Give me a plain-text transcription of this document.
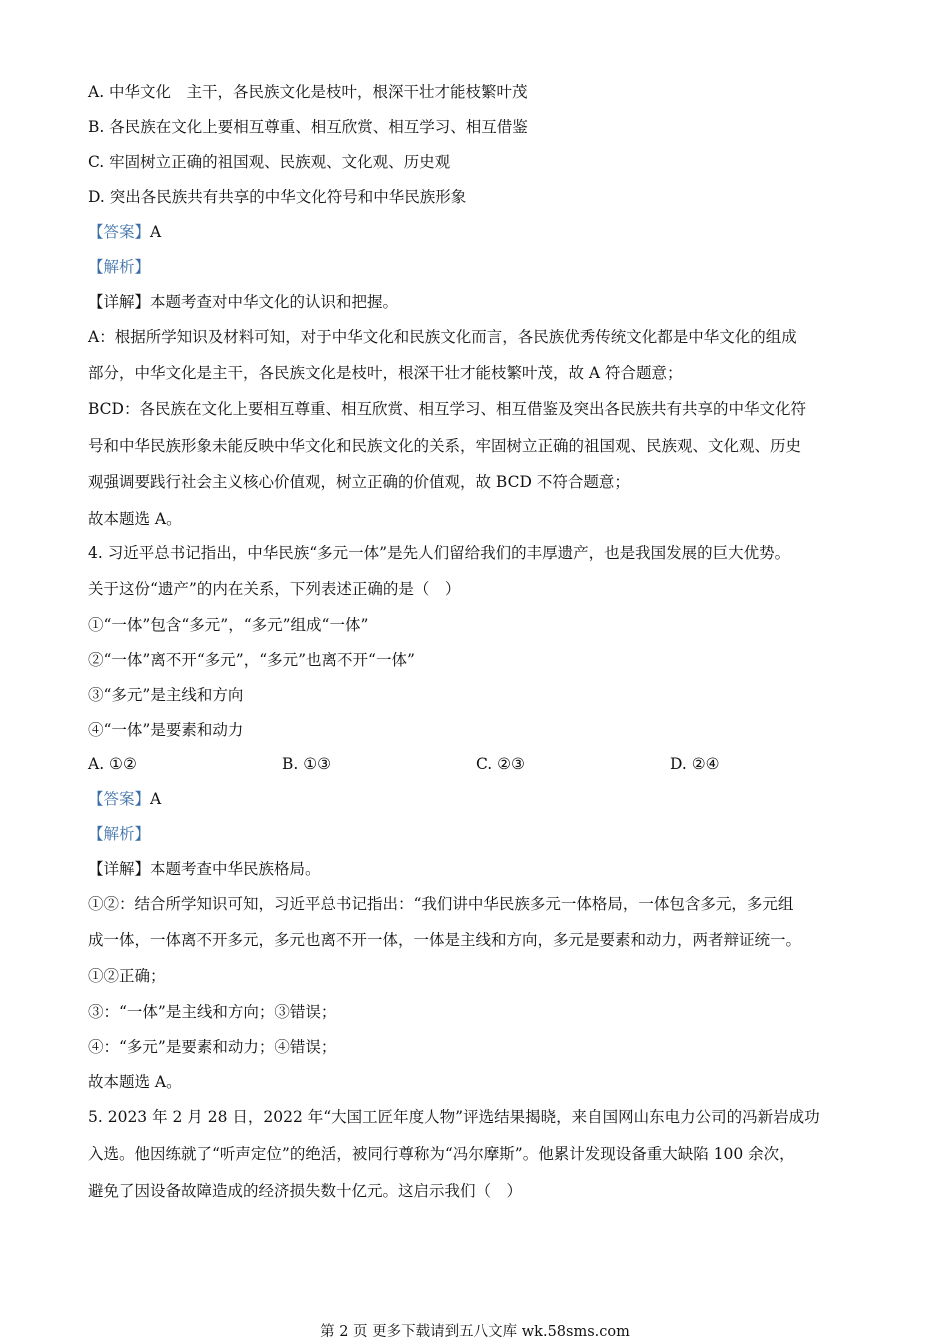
A. 中华文化　主干，各民族文化是枝叶，根深干壮才能枝繁叶茂
B. 各民族在文化上要相互尊重、相互欣赏、相互学习、相互借鉴
C. 牢固树立正确的祖国观、民族观、文化观、历史观
D. 突出各民族共有共享的中华文化符号和中华民族形象
【答案】A
【解析】
【详解】本题考查对中华文化的认识和把握。
A：根据所学知识及材料可知，对于中华文化和民族文化而言，各民族优秀传统文化都是中华文化的组成
部分，中华文化是主干，各民族文化是枝叶，根深干壮才能枝繁叶茂，故 A 符合题意；
BCD：各民族在文化上要相互尊重、相互欣赏、相互学习、相互借鉴及突出各民族共有共享的中华文化符
号和中华民族形象未能反映中华文化和民族文化的关系，牢固树立正确的祖国观、民族观、文化观、历史
观强调要践行社会主义核心价值观，树立正确的价值观，故 BCD 不符合题意；
故本题选 A。
4. 习近平总书记指出，中华民族“多元一体”是先人们留给我们的丰厚遗产，也是我国发展的巨大优势。
关于这份“遗产”的内在关系，下列表述正确的是（　）
①“一体”包含“多元”，“多元”组成“一体”
②“一体”离不开“多元”，“多元”也离不开“一体”
③“多元”是主线和方向
④“一体”是要素和动力
A. ①②	B. ①③	C. ②③	D. ②④
【答案】A
【解析】
【详解】本题考查中华民族格局。
①②：结合所学知识可知，习近平总书记指出：“我们讲中华民族多元一体格局，一体包含多元，多元组
成一体，一体离不开多元，多元也离不开一体，一体是主线和方向，多元是要素和动力，两者辩证统一。
①②正确；
③：“一体”是主线和方向；③错误；
④：“多元”是要素和动力；④错误；
故本题选 A。
5. 2023 年 2 月 28 日，2022 年“大国工匠年度人物”评选结果揭晓，来自国网山东电力公司的冯新岩成功
入选。他因练就了“听声定位”的绝活，被同行尊称为“冯尔摩斯”。他累计发现设备重大缺陷 100 余次，
避免了因设备故障造成的经济损失数十亿元。这启示我们（　）
第 2 页 更多下载请到五八文库 wk.58sms.com
